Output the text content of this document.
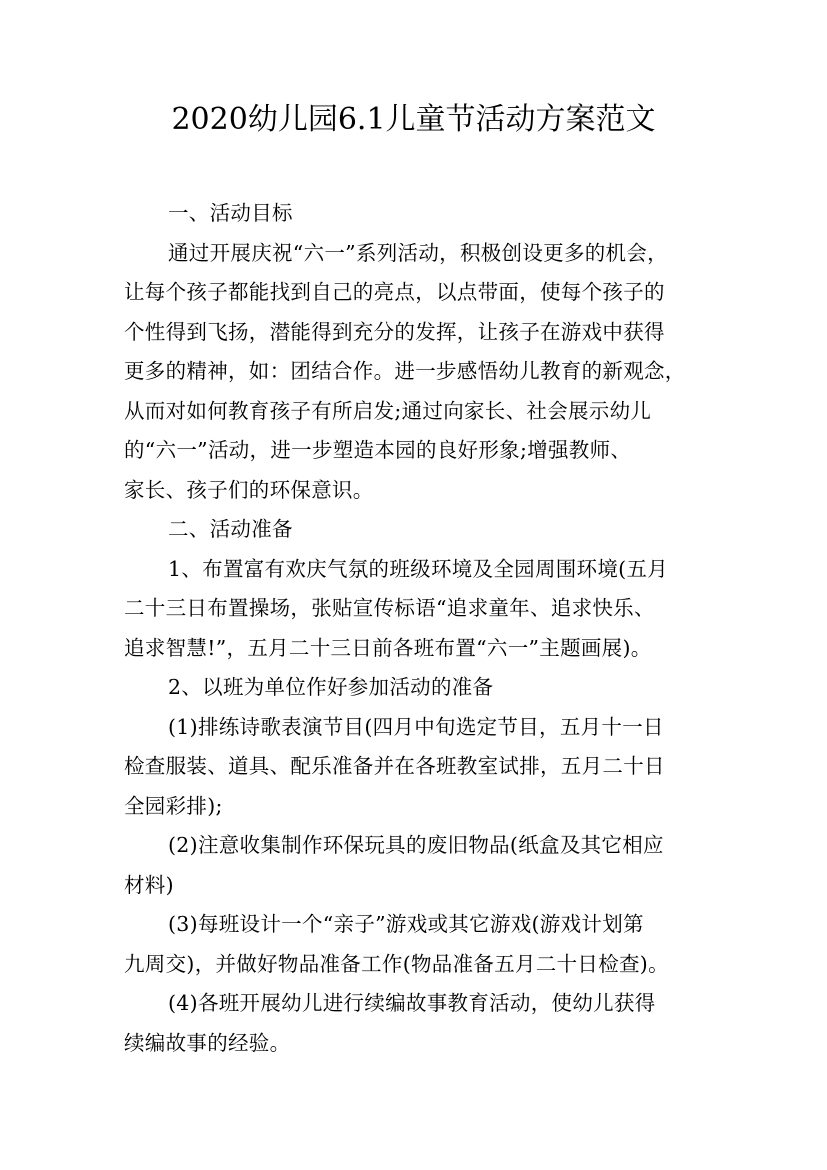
2020幼儿园6.1儿童节活动方案范文
一、活动目标
通过开展庆祝“六一”系列活动，积极创设更多的机会，
让每个孩子都能找到自己的亮点，以点带面，使每个孩子的
个性得到飞扬，潜能得到充分的发挥，让孩子在游戏中获得
更多的精神，如：团结合作。进一步感悟幼儿教育的新观念，
从而对如何教育孩子有所启发;通过向家长、社会展示幼儿
的“六一”活动，进一步塑造本园的良好形象;增强教师、
家长、孩子们的环保意识。
二、活动准备
1、布置富有欢庆气氛的班级环境及全园周围环境(五月
二十三日布置操场，张贴宣传标语“追求童年、追求快乐、
追求智慧!”，五月二十三日前各班布置“六一”主题画展)。
2、以班为单位作好参加活动的准备
(1)排练诗歌表演节目(四月中旬选定节目，五月十一日
检查服装、道具、配乐准备并在各班教室试排，五月二十日
全园彩排);
(2)注意收集制作环保玩具的废旧物品(纸盒及其它相应
材料)
(3)每班设计一个“亲子”游戏或其它游戏(游戏计划第
九周交)，并做好物品准备工作(物品准备五月二十日检查)。
(4)各班开展幼儿进行续编故事教育活动，使幼儿获得
续编故事的经验。
